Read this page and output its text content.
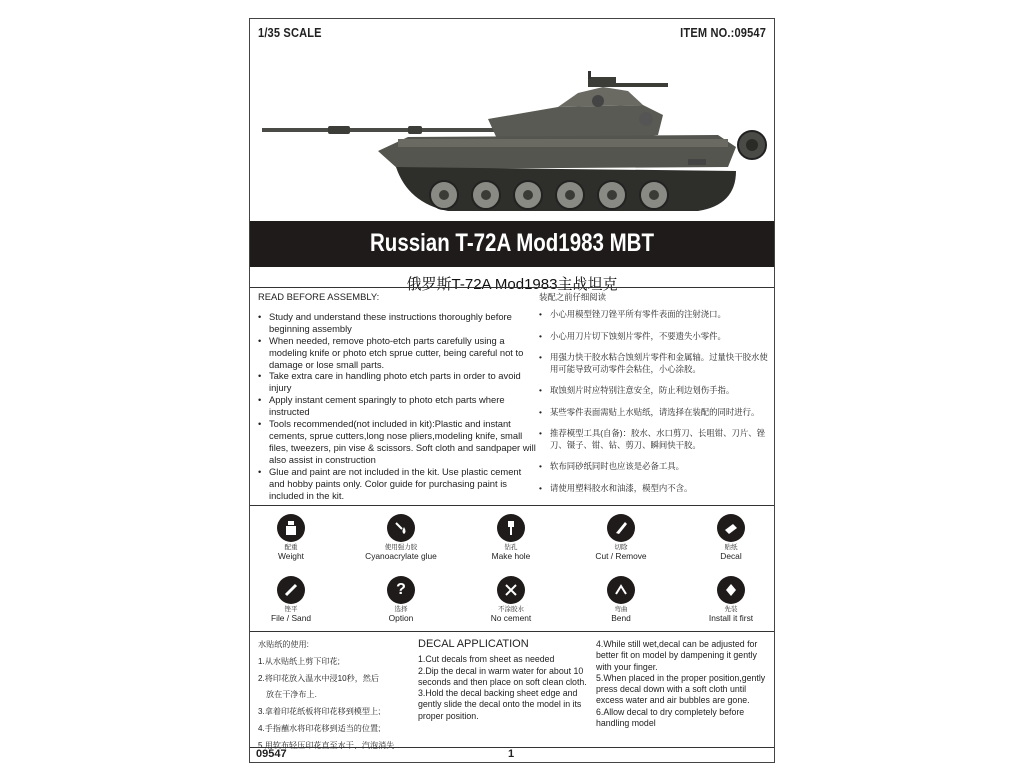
1/35 SCALE	ITEM NO.:09547
Russian T-72A Mod1983 MBT
俄罗斯T-72A Mod1983主战坦克
READ BEFORE ASSEMBLY:
• Study and understand these instructions thoroughly before beginning assembly
• When needed, remove photo-etch parts carefully using a modeling knife or photo etch sprue cutter, being careful not to damage or lose small parts.
• Take extra care in handling photo etch parts in order to avoid injury
• Apply instant cement sparingly to photo etch parts where instructed
• Tools recommended(not included in kit):Plastic and instant cements, sprue cutters,long nose pliers,modeling knife, small files, tweezers, pin vise & scissors. Soft cloth and sandpaper will also assist in construction
• Glue and paint are not included in the kit. Use plastic cement and hobby paints only. Color guide for purchasing paint is included in the kit.
装配之前仔细阅读
• 小心用模型锉刀锉平所有零件表面的注射浇口。
• 小心用刀片切下蚀刻片零件，不要遗失小零件。
• 用强力快干胶水粘合蚀刻片零件和金属轴。过量快干胶水使用可能导致可动零件会粘住，小心涂胶。
• 取蚀刻片时应特别注意安全，防止利边划伤手指。
• 某些零件表面需贴上水贴纸，请选择在装配的同时进行。
• 推荐模型工具(自备)：胶水、水口剪刀、长咀钳、刀片、锉刀、镊子、钳、钻、剪刀、瞬间快干胶。
• 软布同砂纸同时也应该是必备工具。
• 请使用塑料胶水和油漆，模型内不含。
配重
Weight
使用强力胶
Cyanoacrylate glue
钻孔
Make hole
切除
Cut / Remove
贴纸
Decal
锉平
File / Sand
?
选择
Option
不涂胶水
No cement
弯曲
Bend
先装
Install it first

水贴纸的使用:

1.从水贴纸上剪下印花;

2.将印花放入温水中浸10秒，然后

放在干净布上.

3.拿着印花纸板将印花移到模型上;

4.手指蘸水将印花移到适当的位置;

5.用软布轻压印花直至水干、汽泡消失

DECAL APPLICATION

1.Cut decals from sheet as needed

2.Dip the decal in warm water for about 10 seconds and then place on soft clean cloth.

3.Hold the decal backing sheet edge and gently slide the decal onto the model in its proper position.

4.While still wet,decal can be adjusted for better fit on model by dampening it gently with your finger.

5.When placed in the proper position,gently press decal down with a soft cloth until excess water and air bubbles are gone.

6.Allow decal to dry completely before handling model

09547	1
